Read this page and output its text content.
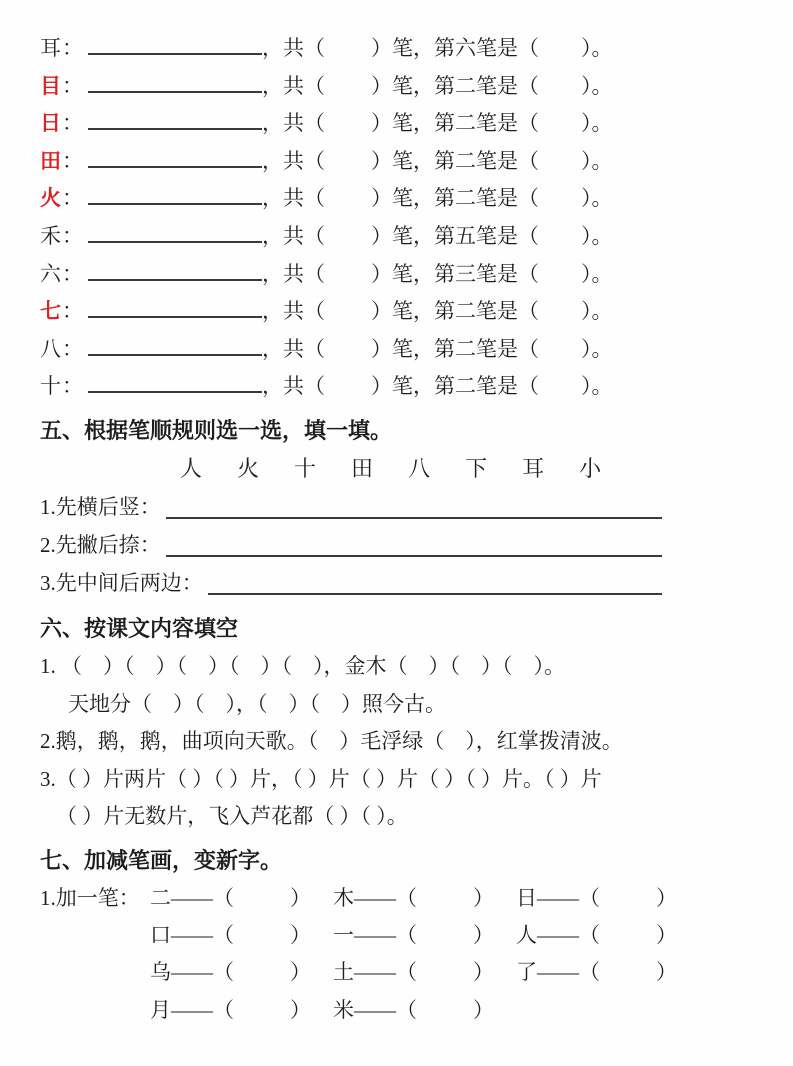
耳：	，共（ ）笔，第六笔是（ ）。
目：	，共（ ）笔，第二笔是（ ）。
日：	，共（ ）笔，第二笔是（ ）。
田：	，共（ ）笔，第二笔是（ ）。
火：	，共（ ）笔，第二笔是（ ）。
禾：	，共（ ）笔，第五笔是（ ）。
六：	，共（ ）笔，第三笔是（ ）。
七：	，共（ ）笔，第二笔是（ ）。
八：	，共（ ）笔，第二笔是（ ）。
十：	，共（ ）笔，第二笔是（ ）。
五、根据笔顺规则选一选，填一填。
人 火 十 田 八 下 耳 小
1.先横后竖：
2.先撇后捺：
3.先中间后两边：
六、按课文内容填空
1. （　）（　）（　）（　）（　），金木（　）（　）（　）。
天地分（　）（　），（　）（　）照今古。
2.鹅，鹅，鹅，曲项向天歌。（　）毛浮绿（　），红掌拨清波。
3.（ ）片两片（ ）（ ）片，（ ）片（ ）片（ ）（ ）片。（ ）片
（ ）片无数片，飞入芦花都（ ）（ ）。
七、加减笔画，变新字。
1.加一笔： 二——（	）	木——（	）	日——（	）
口——（	）	一——（	）	人——（	）
乌——（	）	土——（	）	了——（	）
月——（	）	米——（	）
